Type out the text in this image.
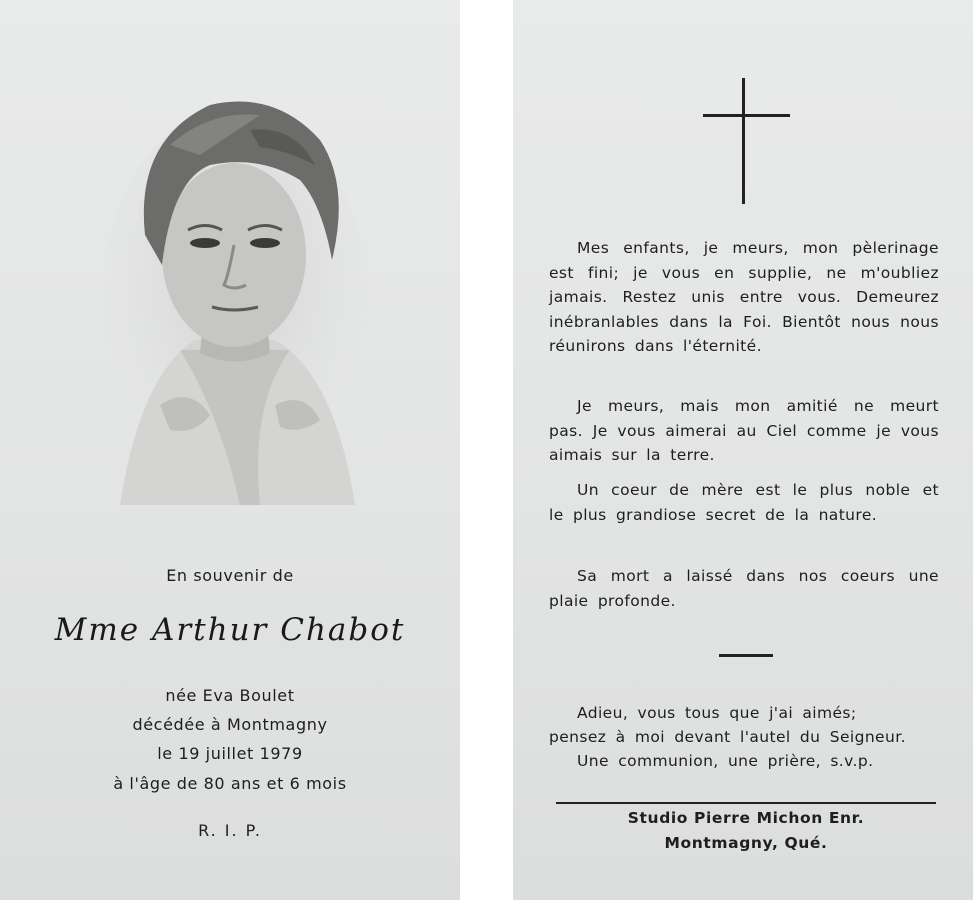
En souvenir de
Mme Arthur Chabot
née Eva Boulet
décédée à Montmagny
le 19 juillet 1979
à l'âge de 80 ans et 6 mois
R. I. P.

Mes enfants, je meurs, mon pèlerinage est fini; je vous en supplie, ne m'oubliez jamais. Restez unis entre vous. Demeurez inébranlables dans la Foi. Bientôt nous nous réunirons dans l'éternité.

Je meurs, mais mon amitié ne meurt pas. Je vous aimerai au Ciel comme je vous aimais sur la terre.

Un coeur de mère est le plus noble et le plus grandiose secret de la nature.

Sa mort a laissé dans nos coeurs une plaie profonde.

Adieu, vous tous que j'ai aimés;
pensez à moi devant l'autel du Seigneur.
Une communion, une prière, s.v.p.
Studio Pierre Michon Enr.
Montmagny, Qué.
